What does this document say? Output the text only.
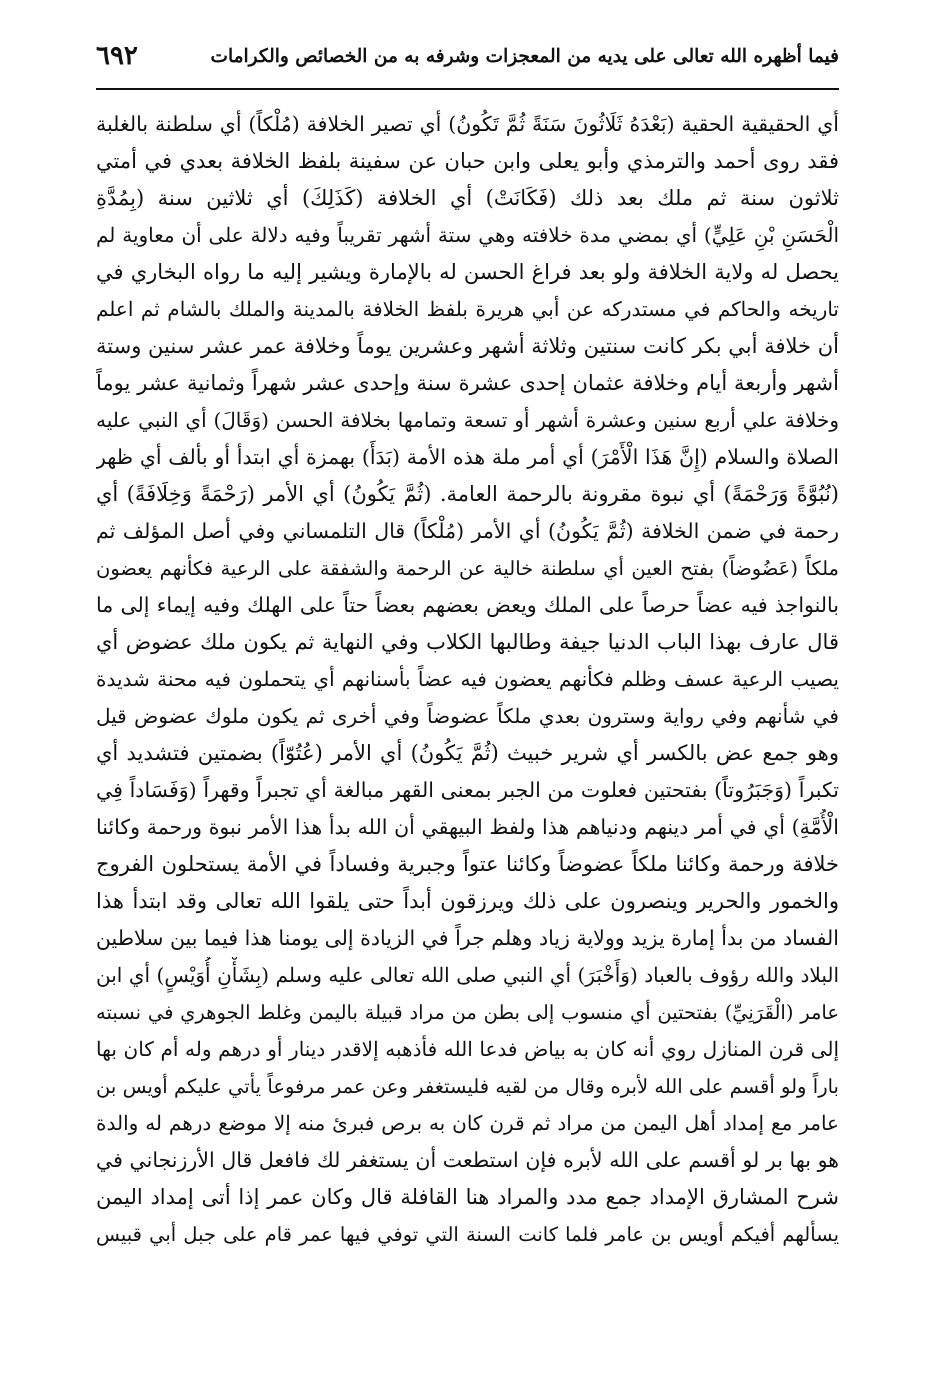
فيما أظهره الله تعالى على يديه من المعجزات وشرفه به من الخصائص والكرامات
٦٩٢
أي الحقيقية الحقية (بَعْدَهُ ثَلَاثُونَ سَنَةً ثُمَّ تَكُونُ) أي تصير الخلافة (مُلْكاً) أي سلطنة بالغلبة
فقد روى أحمد والترمذي وأبو يعلى وابن حبان عن سفينة بلفظ الخلافة بعدي في أمتي
ثلاثون سنة ثم ملك بعد ذلك (فَكَانَتْ) أي الخلافة (كَذَلِكَ) أي ثلاثين سنة (بِمُدَّةِ
الْحَسَنِ بْنِ عَلِيٍّ) أي بمضي مدة خلافته وهي ستة أشهر تقريباً وفيه دلالة على أن معاوية لم
يحصل له ولاية الخلافة ولو بعد فراغ الحسن له بالإمارة ويشير إليه ما رواه البخاري في
تاريخه والحاكم في مستدركه عن أبي هريرة بلفظ الخلافة بالمدينة والملك بالشام ثم اعلم
أن خلافة أبي بكر كانت سنتين وثلاثة أشهر وعشرين يوماً وخلافة عمر عشر سنين وستة
أشهر وأربعة أيام وخلافة عثمان إحدى عشرة سنة وإحدى عشر شهراً وثمانية عشر يوماً
وخلافة علي أربع سنين وعشرة أشهر أو تسعة وتمامها بخلافة الحسن (وَقَالَ) أي النبي عليه
الصلاة والسلام (إِنَّ هَذَا الْأَمْرَ) أي أمر ملة هذه الأمة (بَدَأَ) بهمزة أي ابتدأ أو بألف أي ظهر
(نُبُوَّةً وَرَحْمَةً) أي نبوة مقرونة بالرحمة العامة. (ثُمَّ يَكُونُ) أي الأمر (رَحْمَةً وَخِلَافَةً) أي
رحمة في ضمن الخلافة (ثُمَّ يَكُونُ) أي الأمر (مُلْكاً) قال التلمساني وفي أصل المؤلف ثم
ملكاً (عَضُوضاً) بفتح العين أي سلطنة خالية عن الرحمة والشفقة على الرعية فكأنهم يعضون
بالنواجذ فيه عضاً حرصاً على الملك ويعض بعضهم بعضاً حتاً على الهلك وفيه إيماء إلى ما
قال عارف بهذا الباب الدنيا جيفة وطالبها الكلاب وفي النهاية ثم يكون ملك عضوض أي
يصيب الرعية عسف وظلم فكأنهم يعضون فيه عضاً بأسنانهم أي يتحملون فيه محنة شديدة
في شأنهم وفي رواية وسترون بعدي ملكاً عضوضاً وفي أخرى ثم يكون ملوك عضوض قيل
وهو جمع عض بالكسر أي شرير خبيث (ثُمَّ يَكُونُ) أي الأمر (عُتُوّاً) بضمتين فتشديد أي
تكبراً (وَجَبَرُوتاً) بفتحتين فعلوت من الجبر بمعنى القهر مبالغة أي تجبراً وقهراً (وَفَسَاداً فِي
الْأُمَّةِ) أي في أمر دينهم ودنياهم هذا ولفظ البيهقي أن الله بدأ هذا الأمر نبوة ورحمة وكائنا
خلافة ورحمة وكائنا ملكاً عضوضاً وكائنا عتواً وجبرية وفساداً في الأمة يستحلون الفروج
والخمور والحرير وينصرون على ذلك ويرزقون أبداً حتى يلقوا الله تعالى وقد ابتدأ هذا
الفساد من بدأ إمارة يزيد وولاية زياد وهلم جراً في الزيادة إلى يومنا هذا فيما بين سلاطين
البلاد والله رؤوف بالعباد (وَأَخْبَرَ) أي النبي صلى الله تعالى عليه وسلم (بِشَأْنِ أُوَيْسٍ) أي ابن
عامر (الْقَرَنِيِّ) بفتحتين أي منسوب إلى بطن من مراد قبيلة باليمن وغلط الجوهري في نسبته
إلى قرن المنازل روي أنه كان به بياض فدعا الله فأذهبه إلاقدر دينار أو درهم وله أم كان بها
باراً ولو أقسم على الله لأبره وقال من لقيه فليستغفر وعن عمر مرفوعاً يأتي عليكم أويس بن
عامر مع إمداد أهل اليمن من مراد ثم قرن كان به برص فبرئ منه إلا موضع درهم له والدة
هو بها بر لو أقسم على الله لأبره فإن استطعت أن يستغفر لك فافعل قال الأرزنجاني في
شرح المشارق الإمداد جمع مدد والمراد هنا القافلة قال وكان عمر إذا أتى إمداد اليمن
يسألهم أفيكم أويس بن عامر فلما كانت السنة التي توفي فيها عمر قام على جبل أبي قبيس
